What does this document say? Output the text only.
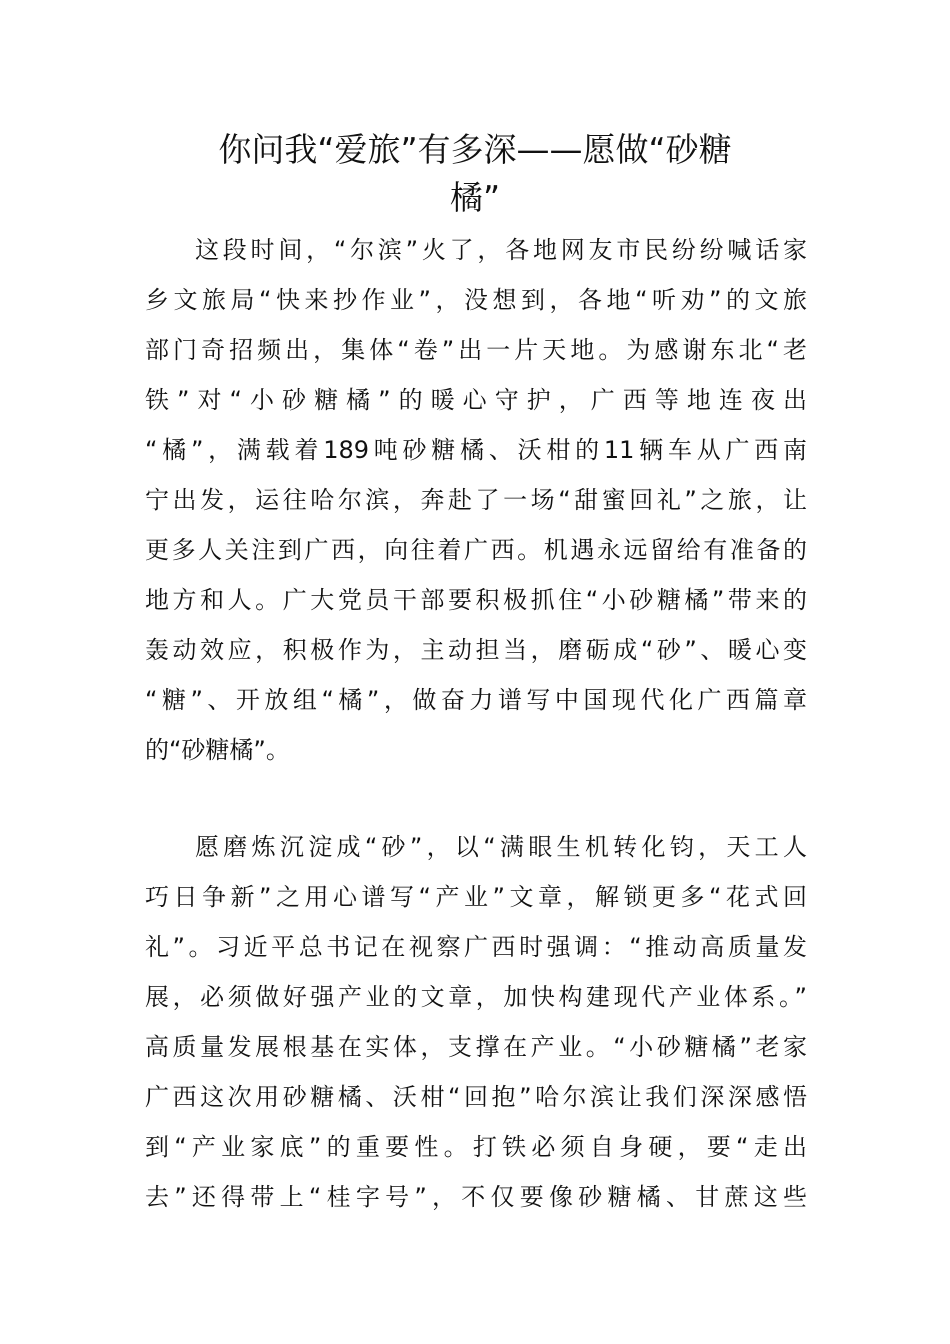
你问我“爱旅”有多深——愿做“砂糖
橘”
这段时间，“尔滨”火了，各地网友市民纷纷喊话家
乡文旅局“快来抄作业”，没想到，各地“听劝”的文旅
部门奇招频出，集体“卷”出一片天地。为感谢东北“老
铁”对“小砂糖橘”的暖心守护，广西等地连夜出
“橘”，满载着189吨砂糖橘、沃柑的11辆车从广西南
宁出发，运往哈尔滨，奔赴了一场“甜蜜回礼”之旅，让
更多人关注到广西，向往着广西。机遇永远留给有准备的
地方和人。广大党员干部要积极抓住“小砂糖橘”带来的
轰动效应，积极作为，主动担当，磨砺成“砂”、暖心变
“糖”、开放组“橘”，做奋力谱写中国现代化广西篇章
的“砂糖橘”。
愿磨炼沉淀成“砂”，以“满眼生机转化钧，天工人
巧日争新”之用心谱写“产业”文章，解锁更多“花式回
礼”。习近平总书记在视察广西时强调：“推动高质量发
展，必须做好强产业的文章，加快构建现代产业体系。”
高质量发展根基在实体，支撑在产业。“小砂糖橘”老家
广西这次用砂糖橘、沃柑“回抱”哈尔滨让我们深深感悟
到“产业家底”的重要性。打铁必须自身硬，要“走出
去”还得带上“桂字号”，不仅要像砂糖橘、甘蔗这些
